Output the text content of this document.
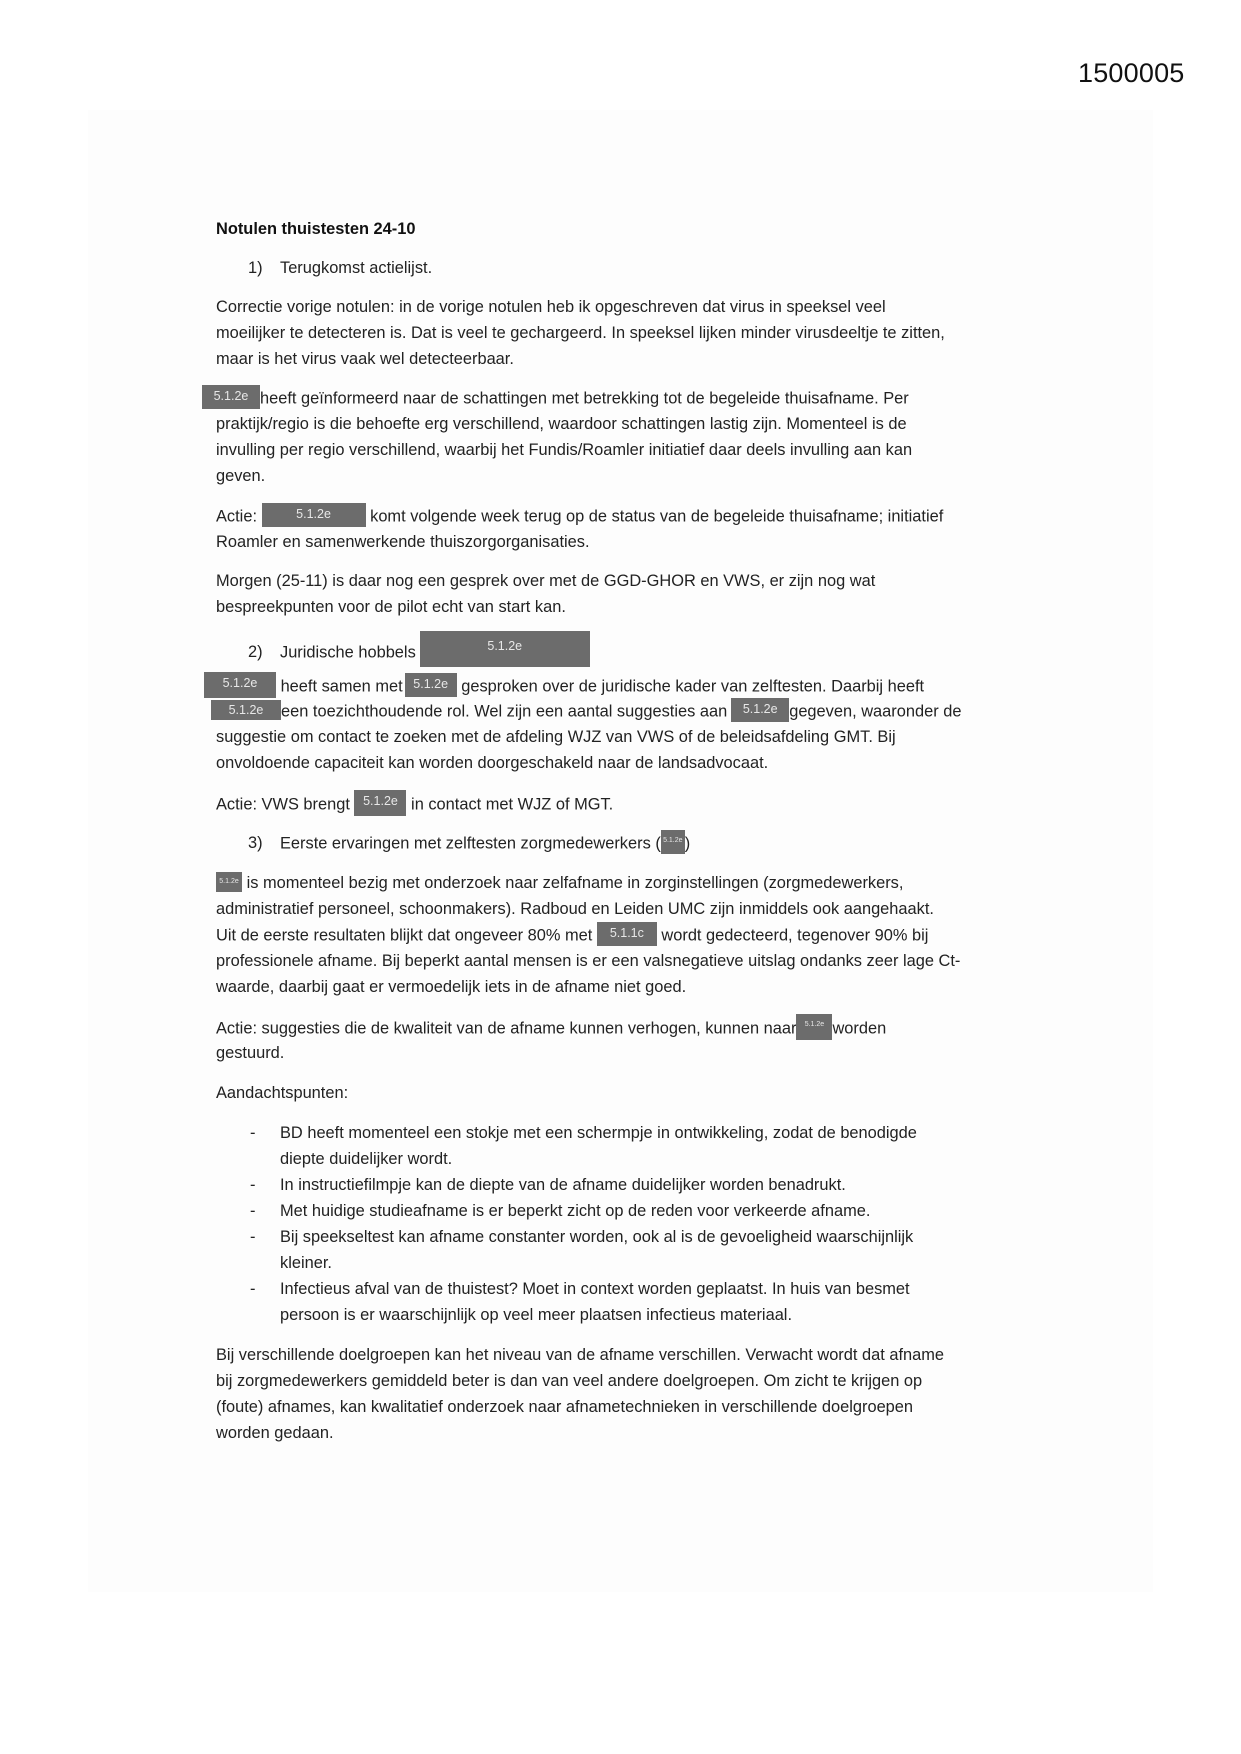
1500005
Notulen thuistesten 24-10
1) Terugkomst actielijst.
Correctie vorige notulen: in de vorige notulen heb ik opgeschreven dat virus in speeksel veel
moeilijker te detecteren is. Dat is veel te gechargeerd. In speeksel lijken minder virusdeeltje te zitten,
maar is het virus vaak wel detecteerbaar.
5.1.2e heeft geïnformeerd naar de schattingen met betrekking tot de begeleide thuisafname. Per
praktijk/regio is die behoefte erg verschillend, waardoor schattingen lastig zijn. Momenteel is de
invulling per regio verschillend, waarbij het Fundis/Roamler initiatief daar deels invulling aan kan
geven.
Actie:	5.1.2e komt volgende week terug op de status van de begeleide thuisafname; initiatief
Roamler en samenwerkende thuiszorgorganisaties.
Morgen (25-11) is daar nog een gesprek over met de GGD-GHOR en VWS, er zijn nog wat
bespreekpunten voor de pilot echt van start kan.
2) Juridische hobbels	5.1.2e
5.1.2e heeft samen met 5.1.2e gesproken over de juridische kader van zelftesten. Daarbij heeft
5.1.2e een toezichthoudende rol. Wel zijn een aantal suggesties aan 5.1.2e gegeven, waaronder de
suggestie om contact te zoeken met de afdeling WJZ van VWS of de beleidsafdeling GMT. Bij
onvoldoende capaciteit kan worden doorgeschakeld naar de landsadvocaat.
Actie: VWS brengt 5.1.2e in contact met WJZ of MGT.
3) Eerste ervaringen met zelftesten zorgmedewerkers ( 5.1.2e )
5.1.2e is momenteel bezig met onderzoek naar zelfafname in zorginstellingen (zorgmedewerkers,
administratief personeel, schoonmakers). Radboud en Leiden UMC zijn inmiddels ook aangehaakt.
Uit de eerste resultaten blijkt dat ongeveer 80% met 5.1.1c wordt gedecteerd, tegenover 90% bij
professionele afname. Bij beperkt aantal mensen is er een valsnegatieve uitslag ondanks zeer lage Ct-
waarde, daarbij gaat er vermoedelijk iets in de afname niet goed.
Actie: suggesties die de kwaliteit van de afname kunnen verhogen, kunnen naar 5.1.2e worden
gestuurd.
Aandachtspunten:
- BD heeft momenteel een stokje met een schermpje in ontwikkeling, zodat de benodigde
diepte duidelijker wordt.
- In instructiefilmpje kan de diepte van de afname duidelijker worden benadrukt.
- Met huidige studieafname is er beperkt zicht op de reden voor verkeerde afname.
- Bij speekseltest kan afname constanter worden, ook al is de gevoeligheid waarschijnlijk
kleiner.
- Infectieus afval van de thuistest? Moet in context worden geplaatst. In huis van besmet
persoon is er waarschijnlijk op veel meer plaatsen infectieus materiaal.
Bij verschillende doelgroepen kan het niveau van de afname verschillen. Verwacht wordt dat afname
bij zorgmedewerkers gemiddeld beter is dan van veel andere doelgroepen. Om zicht te krijgen op
(foute) afnames, kan kwalitatief onderzoek naar afnametechnieken in verschillende doelgroepen
worden gedaan.
